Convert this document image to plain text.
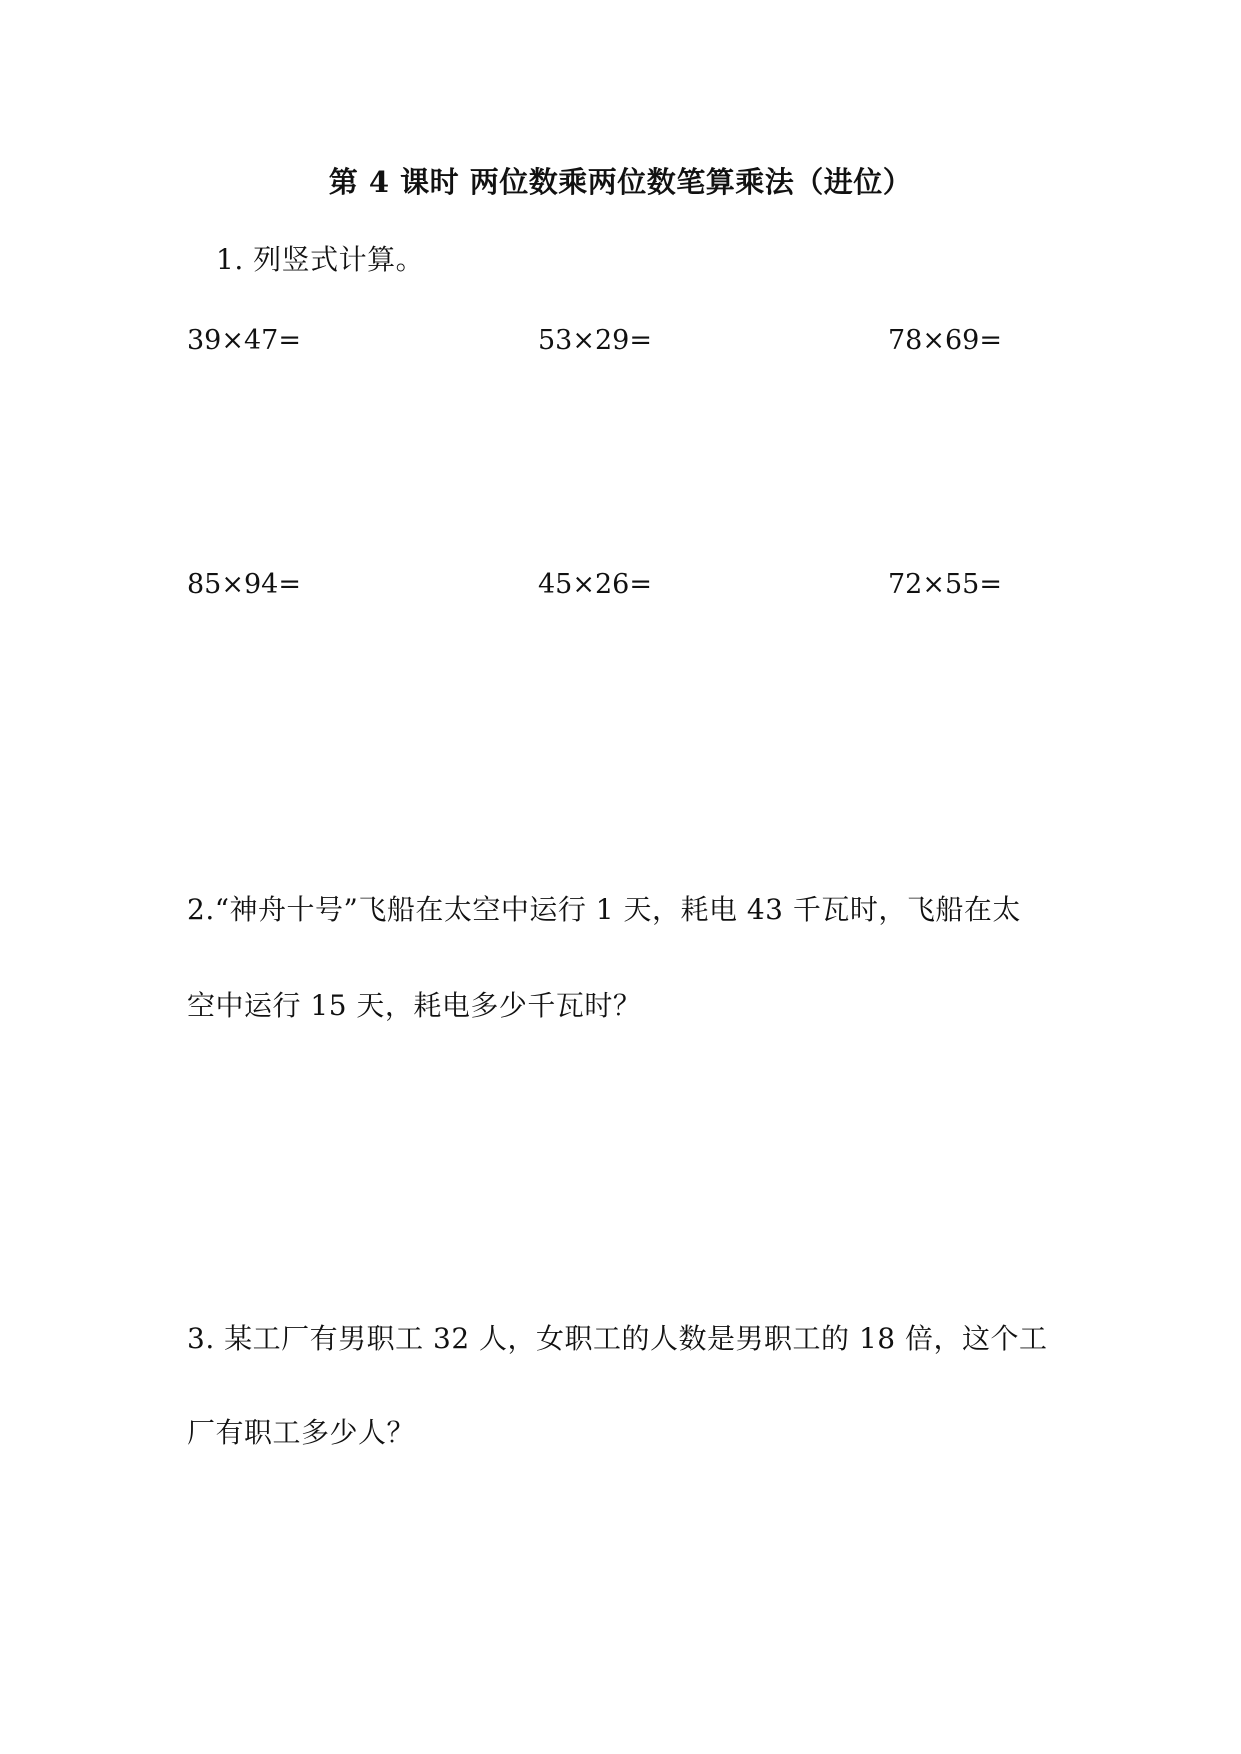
第 4 课时 两位数乘两位数笔算乘法（进位）
1. 列竖式计算。
39×47=	53×29=	78×69=
85×94=	45×26=	72×55=
2.“神舟十号”飞船在太空中运行 1 天，耗电 43 千瓦时，飞船在太
空中运行 15 天，耗电多少千瓦时？
3. 某工厂有男职工 32 人，女职工的人数是男职工的 18 倍，这个工
厂有职工多少人？
